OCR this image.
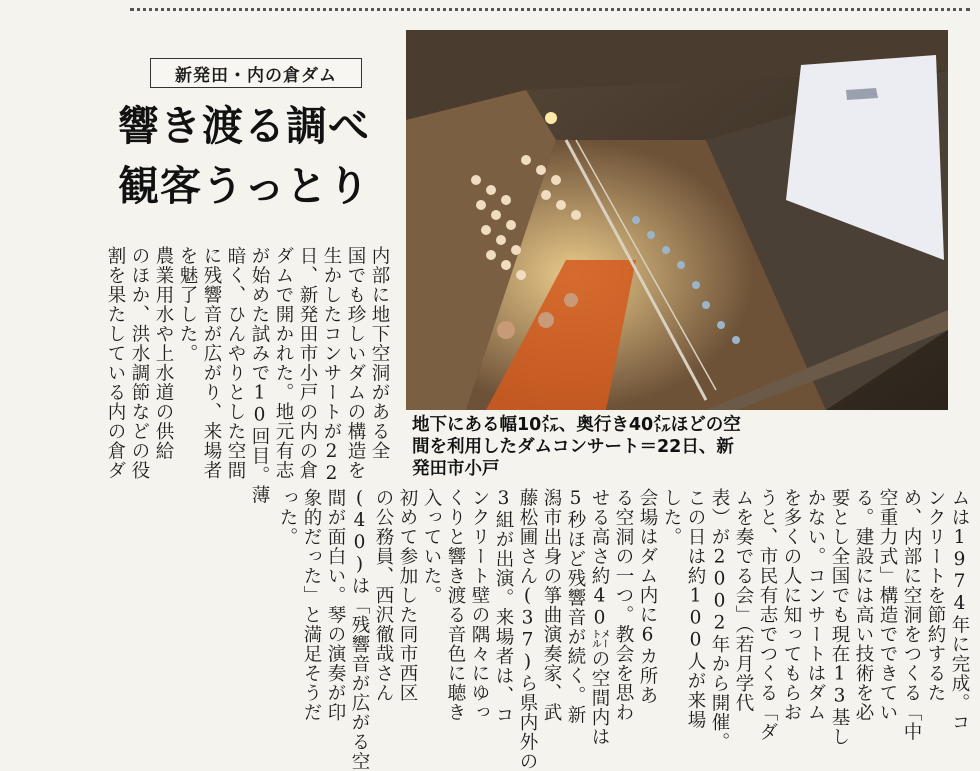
新発田・内の倉ダム
響き渡る調べ
観客うっとり
地下にある幅10㍍、奥行き40㍍ほどの空
間を利用したダムコンサート＝22日、新
発田市小戸
内部に地下空洞がある全
国でも珍しいダムの構造を
生かしたコンサートが22
日、新発田市小戸の内の倉
ダムで開かれた。地元有志
が始めた試みで10回目。薄
暗く、ひんやりとした空間
に残響音が広がり、来場者
を魅了した。
農業用水や上水道の供給
のほか、洪水調節などの役
割を果たしている内の倉ダ
ムは1974年に完成。コ
ンクリートを節約するた
め、内部に空洞をつくる「中
空重力式」構造でできてい
る。建設には高い技術を必
要とし全国でも現在13基し
かない。コンサートはダム
を多くの人に知ってもらお
うと、市民有志でつくる「ダ
ムを奏でる会」（若月学代
表）が2002年から開催。
この日は約100人が来場
した。
会場はダム内に6カ所あ
る空洞の一つ。教会を思わ
せる高さ約40㍍の空間内は
5秒ほど残響音が続く。新
潟市出身の箏曲演奏家、武
藤松圃さん(37)ら県内外の
3組が出演。来場者は、コ
ンクリート壁の隅々にゆっ
くりと響き渡る音色に聴き
入っていた。
初めて参加した同市西区
の公務員、西沢徹哉さん
(40)は「残響音が広がる空
間が面白い。琴の演奏が印
象的だった」と満足そうだ
った。
